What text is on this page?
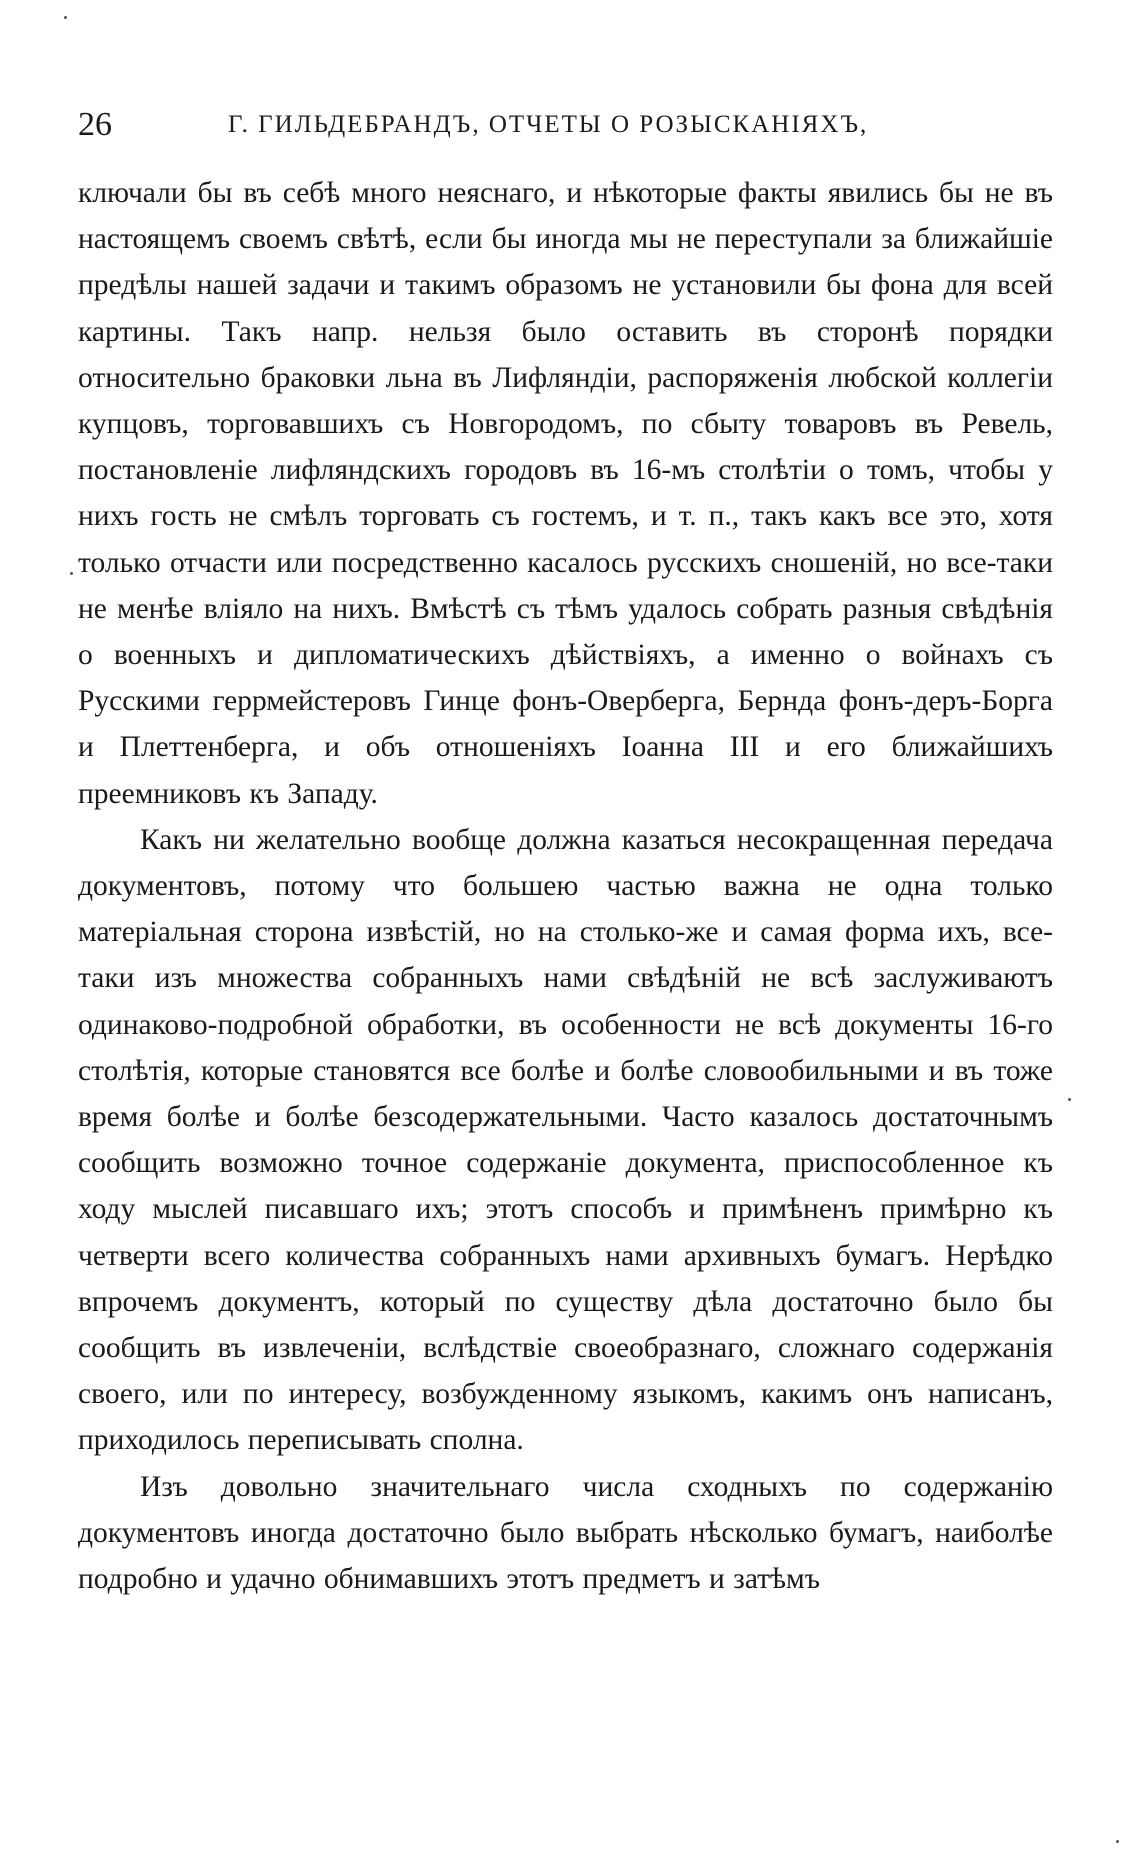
26	Г. ГИЛЬДЕБРАНДЪ, ОТЧЕТЫ О РОЗЫСКАНІЯХЪ,

ключали бы въ себѣ много неяснаго, и нѣкоторые факты явились бы не въ настоящемъ своемъ свѣтѣ, если бы иногда мы не переступали за ближайшіе предѣлы нашей задачи и такимъ образомъ не установили бы фона для всей картины. Такъ напр. нельзя было оставить въ сторонѣ порядки относительно браковки льна въ Лифляндіи, распоряженія любской коллегіи купцовъ, торговавшихъ съ Новгородомъ, по сбыту товаровъ въ Ревель, постановленіе лифляндскихъ городовъ въ 16-мъ столѣтіи о томъ, чтобы у нихъ гость не смѣлъ торговать съ гостемъ, и т. п., такъ какъ все это, хотя только отчасти или посредственно касалось русскихъ сношеній, но все-таки не менѣе вліяло на нихъ. Вмѣстѣ съ тѣмъ удалось собрать разныя свѣдѣнія о военныхъ и дипломатическихъ дѣйствіяхъ, а именно о войнахъ съ Русскими геррмейстеровъ Гинце фонъ-Оверберга, Бернда фонъ-деръ-Борга и Плеттенберга, и объ отношеніяхъ Іоанна III и его ближайшихъ преемниковъ къ Западу.

Какъ ни желательно вообще должна казаться несокращенная передача документовъ, потому что большею частью важна не одна только матеріальная сторона извѣстій, но на столько-же и самая форма ихъ, все-таки изъ множества собранныхъ нами свѣдѣній не всѣ заслуживаютъ одинаково-подробной обработки, въ особенности не всѣ документы 16-го столѣтія, которые становятся все болѣе и болѣе словообильными и въ тоже время болѣе и болѣе безсодержательными. Часто казалось достаточнымъ сообщить возможно точное содержаніе документа, приспособленное къ ходу мыслей писавшаго ихъ; этотъ способъ и примѣненъ примѣрно къ четверти всего количества собранныхъ нами архивныхъ бумагъ. Нерѣдко впрочемъ документъ, который по существу дѣла достаточно было бы сообщить въ извлеченіи, вслѣдствіе своеобразнаго, сложнаго содержанія своего, или по интересу, возбужденному языкомъ, какимъ онъ написанъ, приходилось переписывать сполна.

Изъ довольно значительнаго числа сходныхъ по содержанію документовъ иногда достаточно было выбрать нѣсколько бумагъ, наиболѣе подробно и удачно обнимавшихъ этотъ предметъ и затѣмъ
